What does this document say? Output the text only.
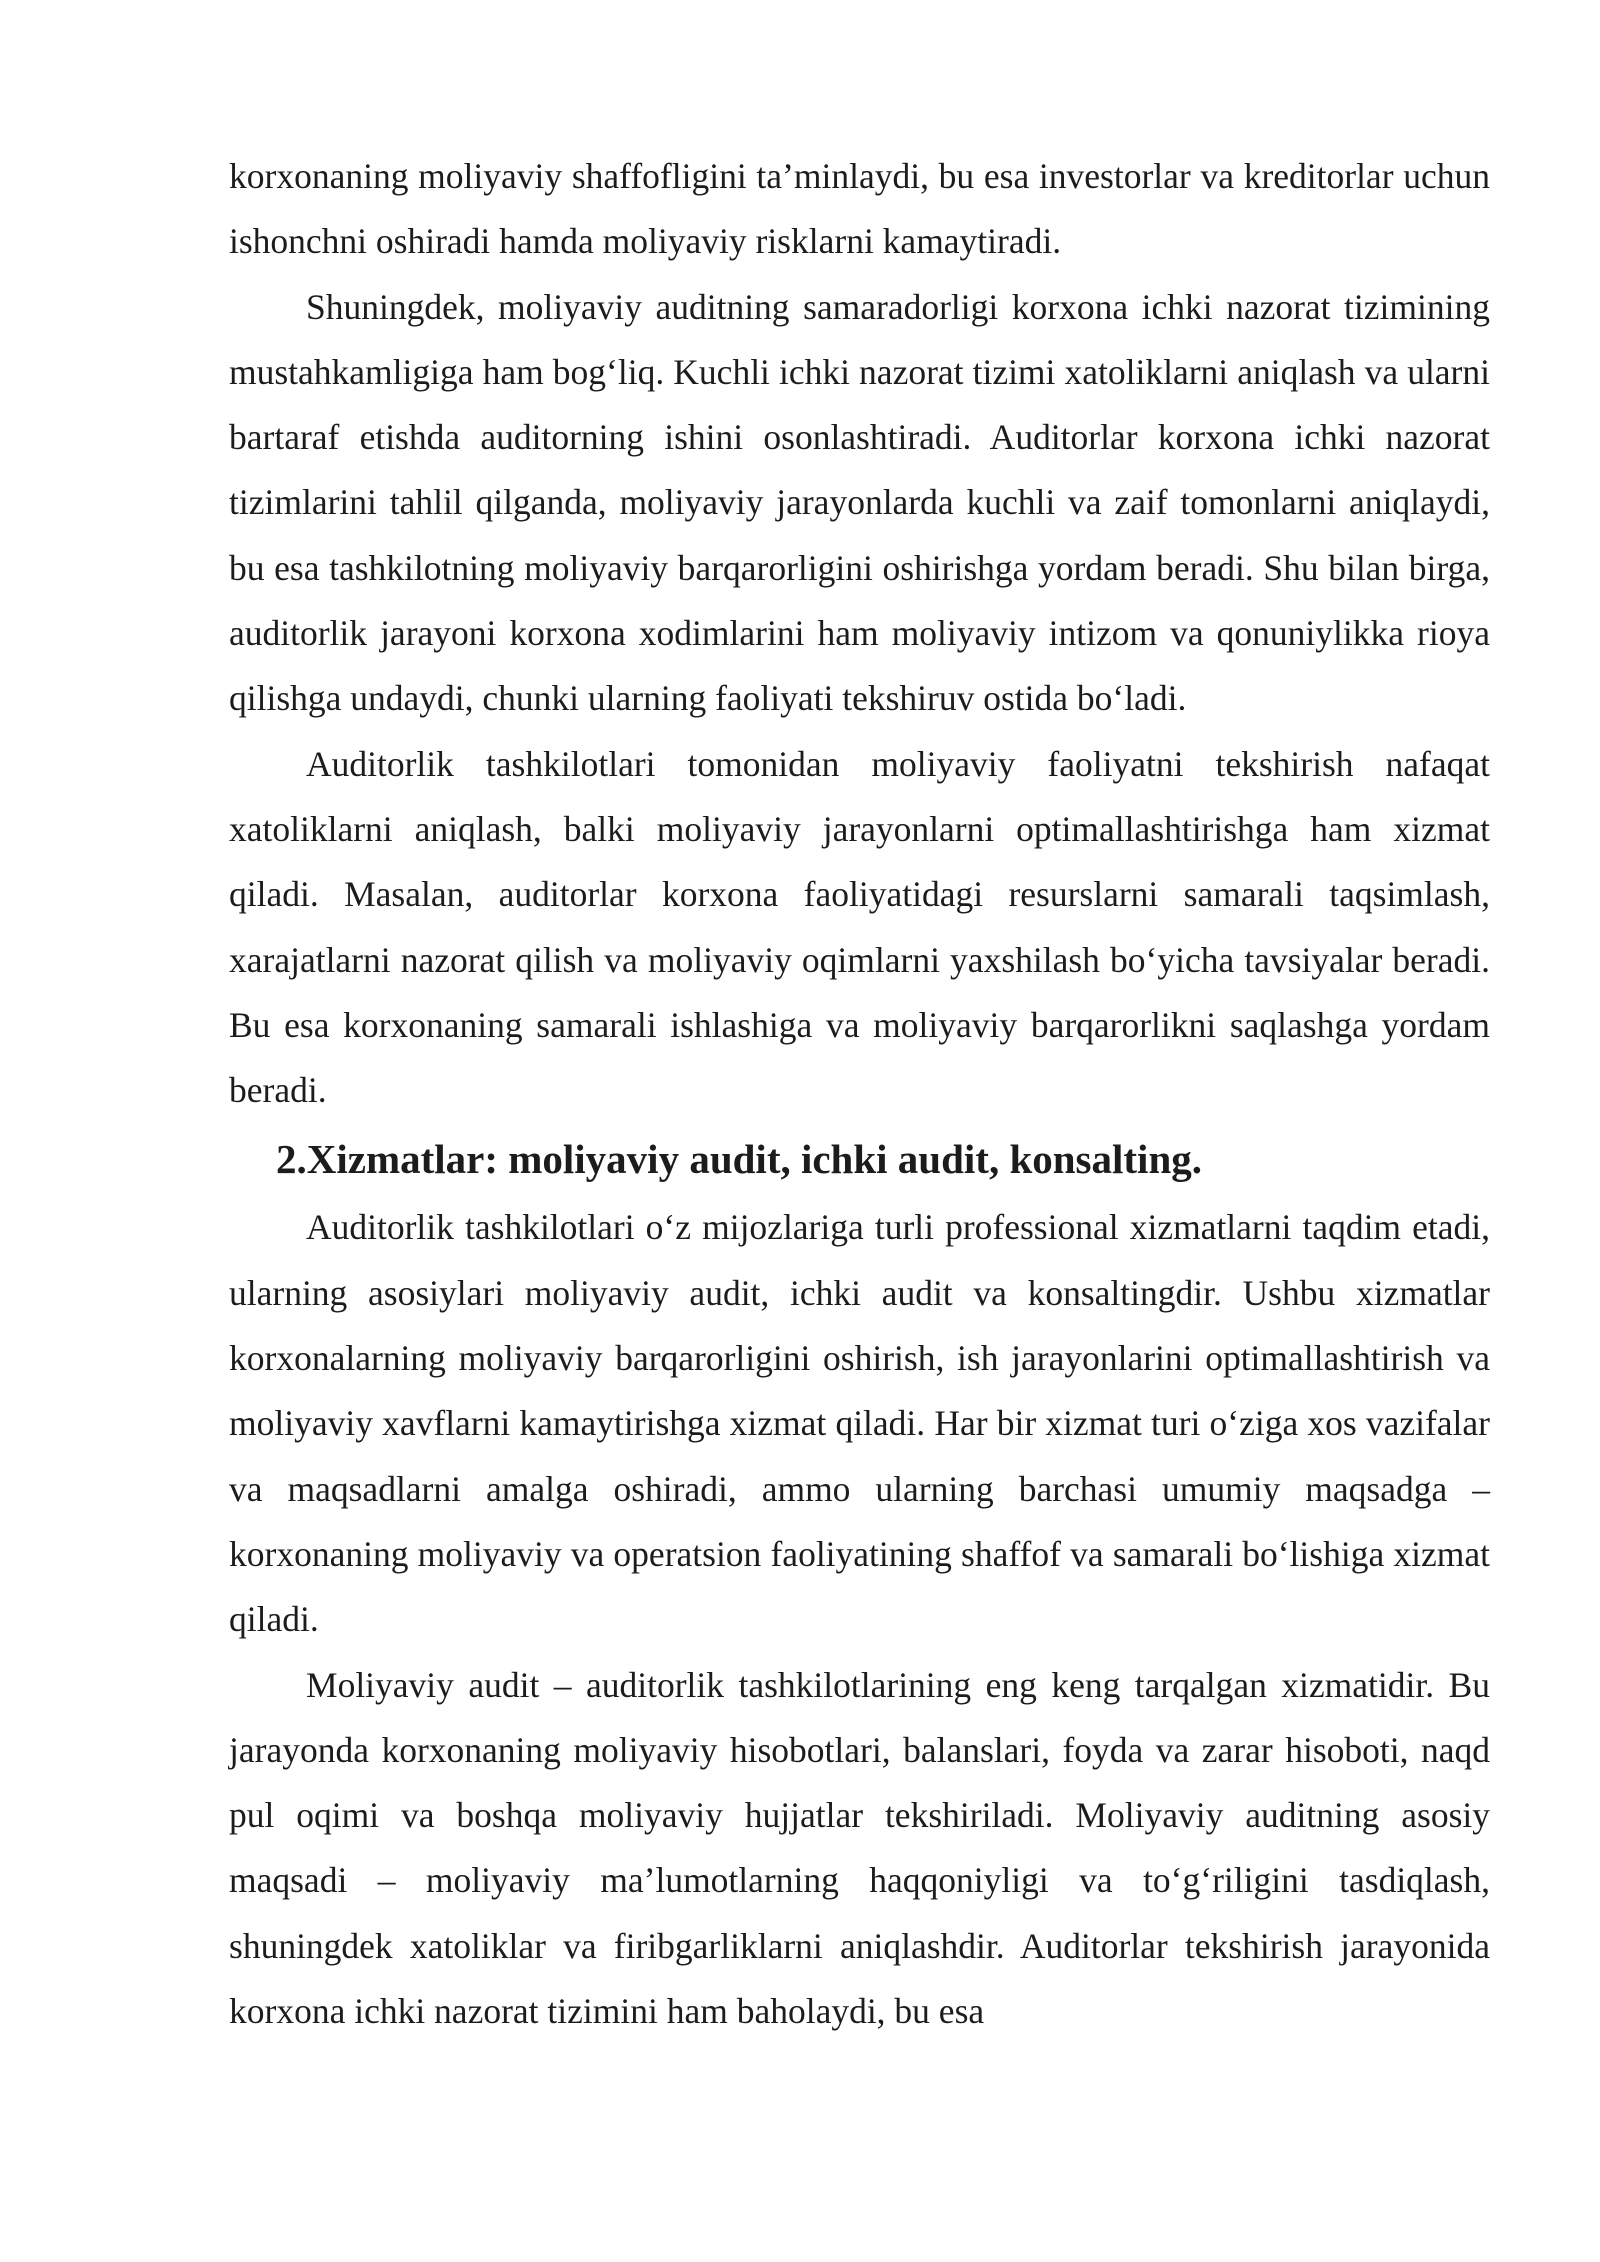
korxonaning moliyaviy shaffofligini ta’minlaydi, bu esa investorlar va kreditorlar uchun ishonchni oshiradi hamda moliyaviy risklarni kamaytiradi.

Shuningdek, moliyaviy auditning samaradorligi korxona ichki nazorat tizimining mustahkamligiga ham bog‘liq. Kuchli ichki nazorat tizimi xatoliklarni aniqlash va ularni bartaraf etishda auditorning ishini osonlashtiradi. Auditorlar korxona ichki nazorat tizimlarini tahlil qilganda, moliyaviy jarayonlarda kuchli va zaif tomonlarni aniqlaydi, bu esa tashkilotning moliyaviy barqarorligini oshirishga yordam beradi. Shu bilan birga, auditorlik jarayoni korxona xodimlarini ham moliyaviy intizom va qonuniylikka rioya qilishga undaydi, chunki ularning faoliyati tekshiruv ostida bo‘ladi.

Auditorlik tashkilotlari tomonidan moliyaviy faoliyatni tekshirish nafaqat xatoliklarni aniqlash, balki moliyaviy jarayonlarni optimallashtirishga ham xizmat qiladi. Masalan, auditorlar korxona faoliyatidagi resurslarni samarali taqsimlash, xarajatlarni nazorat qilish va moliyaviy oqimlarni yaxshilash bo‘yicha tavsiyalar beradi. Bu esa korxonaning samarali ishlashiga va moliyaviy barqarorlikni saqlashga yordam beradi.

2.Xizmatlar: moliyaviy audit, ichki audit, konsalting.

Auditorlik tashkilotlari o‘z mijozlariga turli professional xizmatlarni taqdim etadi, ularning asosiylari moliyaviy audit, ichki audit va konsaltingdir. Ushbu xizmatlar korxonalarning moliyaviy barqarorligini oshirish, ish jarayonlarini optimallashtirish va moliyaviy xavflarni kamaytirishga xizmat qiladi. Har bir xizmat turi o‘ziga xos vazifalar va maqsadlarni amalga oshiradi, ammo ularning barchasi umumiy maqsadga – korxonaning moliyaviy va operatsion faoliyatining shaffof va samarali bo‘lishiga xizmat qiladi.

Moliyaviy audit – auditorlik tashkilotlarining eng keng tarqalgan xizmatidir. Bu jarayonda korxonaning moliyaviy hisobotlari, balanslari, foyda va zarar hisoboti, naqd pul oqimi va boshqa moliyaviy hujjatlar tekshiriladi. Moliyaviy auditning asosiy maqsadi – moliyaviy ma’lumotlarning haqqoniyligi va to‘g‘riligini tasdiqlash, shuningdek xatoliklar va firibgarliklarni aniqlashdir. Auditorlar tekshirish jarayonida korxona ichki nazorat tizimini ham baholaydi, bu esa
